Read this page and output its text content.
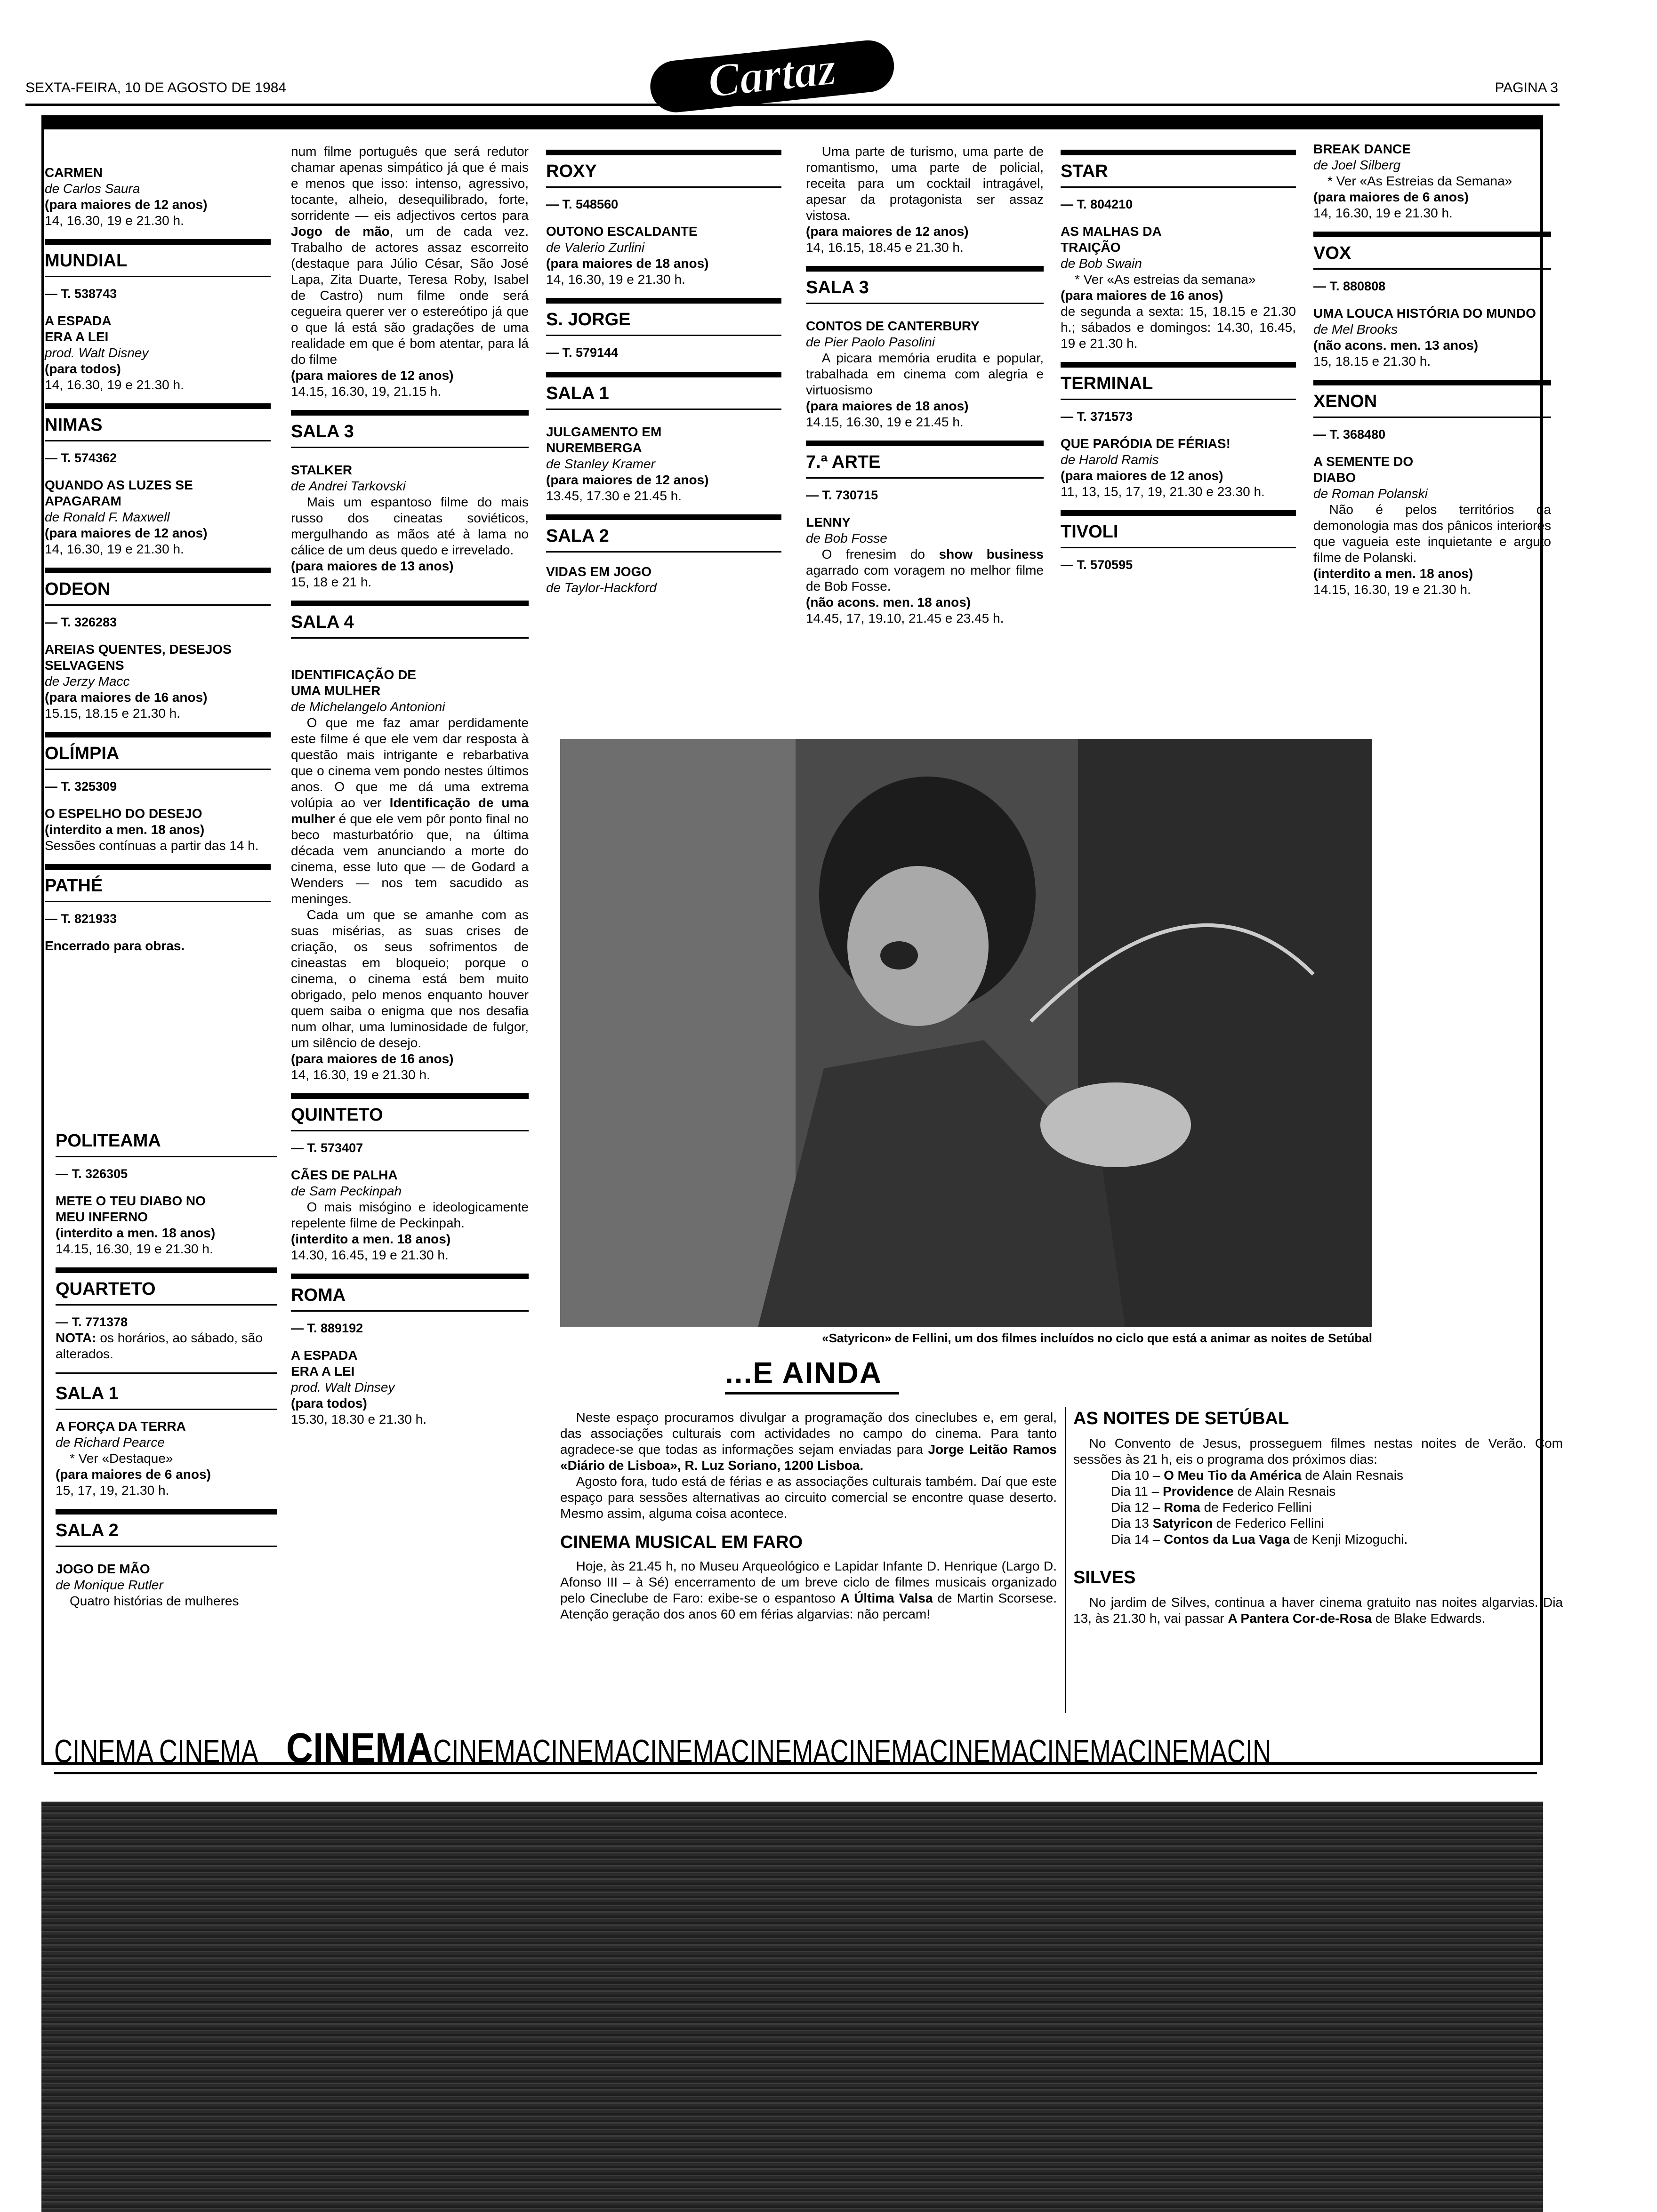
SEXTA-FEIRA, 10 DE AGOSTO DE 1984	PAGINA 3
Cartaz
CARMEN
de Carlos Saura
(para maiores de 12 anos)
14, 16.30, 19 e 21.30 h.
MUNDIAL
— T. 538743
A ESPADA ERA A LEI
prod. Walt Disney
(para todos)
14, 16.30, 19 e 21.30 h.
NIMAS
— T. 574362
QUANDO AS LUZES SE APAGARAM
de Ronald F. Maxwell
(para maiores de 12 anos)
14, 16.30, 19 e 21.30 h.
ODEON
— T. 326283
AREIAS QUENTES, DESEJOS SELVAGENS
de Jerzy Macc
(para maiores de 16 anos)
15.15, 18.15 e 21.30 h.
OLÍMPIA
— T. 325309
O ESPELHO DO DESEJO
(interdito a men. 18 anos)
Sessões contínuas a partir das 14 h.
PATHÉ
— T. 821933
Encerrado para obras.
POLITEAMA
— T. 326305
METE O TEU DIABO NO MEU INFERNO
(interdito a men. 18 anos)
14.15, 16.30, 19 e 21.30 h.
QUARTETO
— T. 771378
NOTA: os horários, ao sábado, são alterados.
SALA 1
A FORÇA DA TERRA
de Richard Pearce
* Ver «Destaque»
(para maiores de 6 anos)
15, 17, 19, 21.30 h.
SALA 2
JOGO DE MÃO
de Monique Rutler
Quatro histórias de mulheres

num filme português que será redutor chamar apenas simpático já que é mais e menos que isso: intenso, agressivo, tocante, alheio, desequilibrado, forte, sorridente — eis adjectivos certos para Jogo de mão, um de cada vez. Trabalho de actores assaz escorreito (destaque para Júlio César, São José Lapa, Zita Duarte, Teresa Roby, Isabel de Castro) num filme onde será cegueira querer ver o estereótipo já que o que lá está são gradações de uma realidade em que é bom atentar, para lá do filme

(para maiores de 12 anos)
14.15, 16.30, 19, 21.15 h.
SALA 3
STALKER
de Andrei Tarkovski

Mais um espantoso filme do mais russo dos cineatas soviéticos, mergulhando as mãos até à lama no cálice de um deus quedo e irrevelado.

(para maiores de 13 anos)
15, 18 e 21 h.
SALA 4
IDENTIFICAÇÃO DE UMA MULHER
de Michelangelo Antonioni

O que me faz amar perdidamente este filme é que ele vem dar resposta à questão mais intrigante e rebarbativa que o cinema vem pondo nestes últimos anos. O que me dá uma extrema volúpia ao ver Identificação de uma mulher é que ele vem pôr ponto final no beco masturbatório que, na última década vem anunciando a morte do cinema, esse luto que — de Godard a Wenders — nos tem sacudido as meninges.

Cada um que se amanhe com as suas misérias, as suas crises de criação, os seus sofrimentos de cineastas em bloqueio; porque o cinema, o cinema está bem muito obrigado, pelo menos enquanto houver quem saiba o enigma que nos desafia num olhar, uma luminosidade de fulgor, um silêncio de desejo.

(para maiores de 16 anos)
14, 16.30, 19 e 21.30 h.
QUINTETO
— T. 573407
CÃES DE PALHA
de Sam Peckinpah

O mais misógino e ideologicamente repelente filme de Peckinpah.

(interdito a men. 18 anos)
14.30, 16.45, 19 e 21.30 h.
ROMA
— T. 889192
A ESPADA ERA A LEI
prod. Walt Dinsey
(para todos)
15.30, 18.30 e 21.30 h.
ROXY
— T. 548560
OUTONO ESCALDANTE
de Valerio Zurlini
(para maiores de 18 anos)
14, 16.30, 19 e 21.30 h.
S. JORGE
— T. 579144
SALA 1
JULGAMENTO EM NUREMBERGA
de Stanley Kramer
(para maiores de 12 anos)
13.45, 17.30 e 21.45 h.
SALA 2
VIDAS EM JOGO
de Taylor-Hackford

Uma parte de turismo, uma parte de romantismo, uma parte de policial, receita para um cocktail intragável, apesar da protagonista ser assaz vistosa.

(para maiores de 12 anos)
14, 16.15, 18.45 e 21.30 h.
SALA 3
CONTOS DE CANTERBURY
de Pier Paolo Pasolini

A picara memória erudita e popular, trabalhada em cinema com alegria e virtuosismo

(para maiores de 18 anos)
14.15, 16.30, 19 e 21.45 h.
7.ª ARTE
— T. 730715
LENNY
de Bob Fosse

O frenesim do show business agarrado com voragem no melhor filme de Bob Fosse.

(não acons. men. 18 anos)
14.45, 17, 19.10, 21.45 e 23.45 h.
STAR
— T. 804210
AS MALHAS DA TRAIÇÃO
de Bob Swain
* Ver «As estreias da semana»
(para maiores de 16 anos)
de segunda a sexta: 15, 18.15 e 21.30 h.; sábados e domingos: 14.30, 16.45, 19 e 21.30 h.
TERMINAL
— T. 371573
QUE PARÓDIA DE FÉRIAS!
de Harold Ramis
(para maiores de 12 anos)
11, 13, 15, 17, 19, 21.30 e 23.30 h.
TIVOLI
— T. 570595
BREAK DANCE
de Joel Silberg
* Ver «As Estreias da Semana»
(para maiores de 6 anos)
14, 16.30, 19 e 21.30 h.
VOX
— T. 880808
UMA LOUCA HISTÓRIA DO MUNDO
de Mel Brooks
(não acons. men. 13 anos)
15, 18.15 e 21.30 h.
XENON
— T. 368480
A SEMENTE DO DIABO
de Roman Polanski

Não é pelos territórios da demonologia mas dos pânicos interiores que vagueia este inquietante e arguto filme de Polanski.

(interdito a men. 18 anos)
14.15, 16.30, 19 e 21.30 h.
«Satyricon» de Fellini, um dos filmes incluídos no ciclo que está a animar as noites de Setúbal
...E AINDA

Neste espaço procuramos divulgar a programação dos cineclubes e, em geral, das associações culturais com actividades no campo do cinema. Para tanto agradece-se que todas as informações sejam enviadas para Jorge Leitão Ramos «Diário de Lisboa», R. Luz Soriano, 1200 Lisboa.

Agosto fora, tudo está de férias e as associações culturais também. Daí que este espaço para sessões alternativas ao circuito comercial se encontre quase deserto. Mesmo assim, alguma coisa acontece.

CINEMA MUSICAL EM FARO

Hoje, às 21.45 h, no Museu Arqueológico e Lapidar Infante D. Henrique (Largo D. Afonso III – à Sé) encerramento de um breve ciclo de filmes musicais organizado pelo Cineclube de Faro: exibe-se o espantoso A Última Valsa de Martin Scorsese. Atenção geração dos anos 60 em férias algarvias: não percam!

AS NOITES DE SETÚBAL

No Convento de Jesus, prosseguem filmes nestas noites de Verão. Com sessões às 21 h, eis o programa dos próximos dias:

Dia 10 – O Meu Tio da América de Alain Resnais
Dia 11 – Providence de Alain Resnais
Dia 12 – Roma de Federico Fellini
Dia 13 Satyricon de Federico Fellini
Dia 14 – Contos da Lua Vaga de Kenji Mizoguchi.
SILVES

No jardim de Silves, continua a haver cinema gratuito nas noites algarvias. Dia 13, às 21.30 h, vai passar A Pantera Cor-de-Rosa de Blake Edwards.

CINEMA CINEMACINEMACINEMACINEMACINEMACINEMACINEMACINEMACINEMACINEMACIN
